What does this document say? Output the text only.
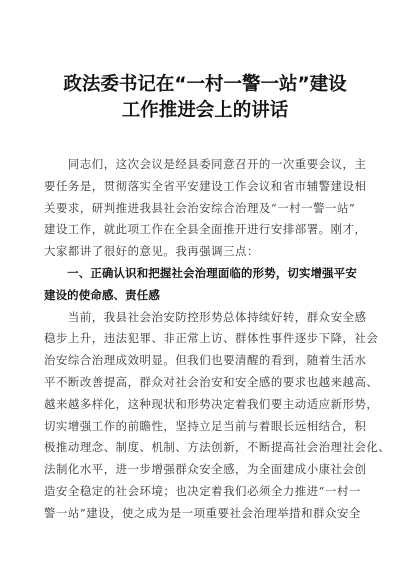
政法委书记在“一村一警一站”建设
工作推进会上的讲话

　　同志们，这次会议是经县委同意召开的一次重要会议，主
要任务是，贯彻落实全省平安建设工作会议和省市辅警建设相
关要求，研判推进我县社会治安综合治理及“一村一警一站”
建设工作，就此项工作在全县全面推开进行安排部署。刚才，
大家都讲了很好的意见。我再强调三点：

　　一、正确认识和把握社会治理面临的形势，切实增强平安
建设的使命感、责任感

　　当前，我县社会治安防控形势总体持续好转，群众安全感
稳步上升，违法犯罪、非正常上访、群体性事件逐步下降，社会
治安综合治理成效明显。但我们也要清醒的看到，随着生活水
平不断改善提高，群众对社会治安和安全感的要求也越来越高、
越来越多样化，这种现状和形势决定着我们要主动适应新形势，
切实增强工作的前瞻性，坚持立足当前与着眼长远相结合，积
极推动理念、制度、机制、方法创新，不断提高社会治理社会化、
法制化水平，进一步增强群众安全感，为全面建成小康社会创
造安全稳定的社会环境；也决定着我们必须全力推进“一村一
警一站”建设，使之成为是一项重要社会治理举措和群众安全
